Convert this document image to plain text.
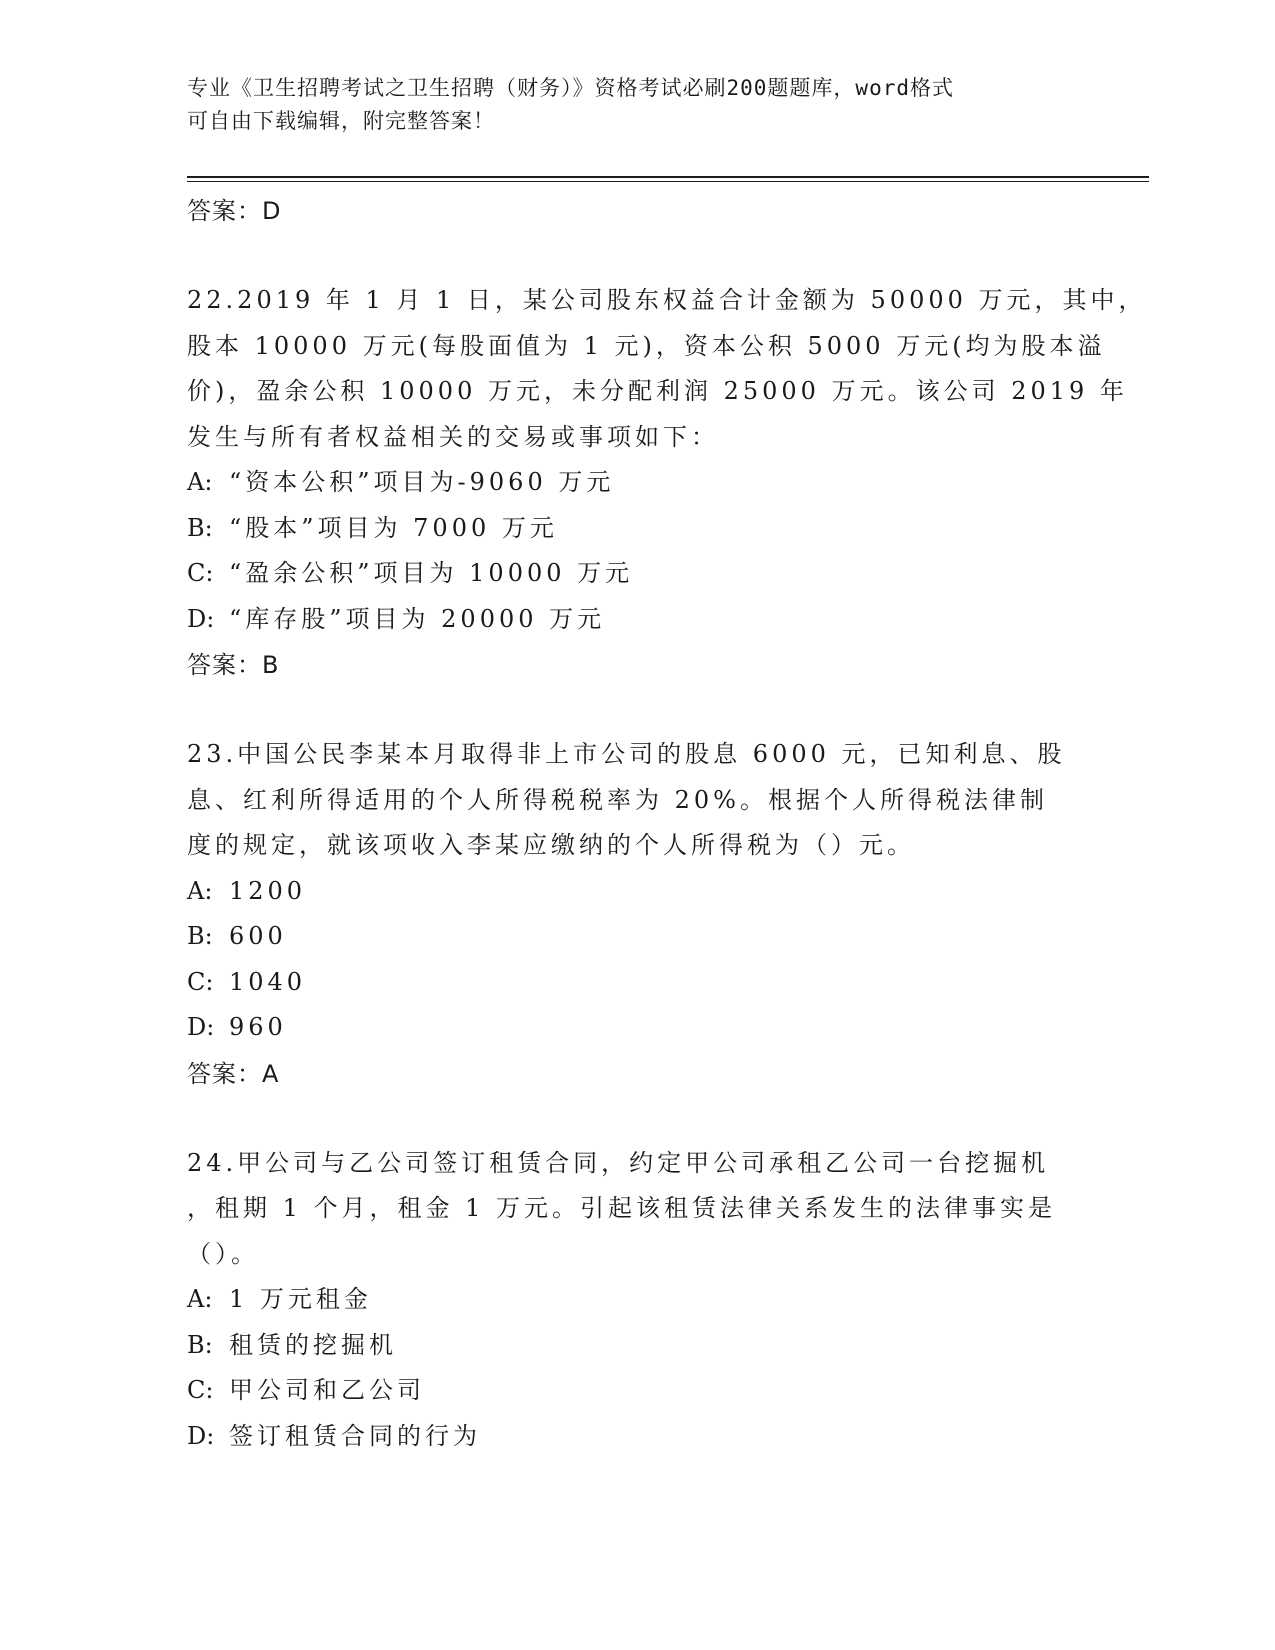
专业《卫生招聘考试之卫生招聘（财务）》资格考试必刷200题题库，word格式
可自由下载编辑，附完整答案！
答案：D
22.2019 年 1 月 1 日，某公司股东权益合计金额为 50000 万元，其中，
股本 10000 万元(每股面值为 1 元)，资本公积 5000 万元(均为股本溢
价)，盈余公积 10000 万元，未分配利润 25000 万元。该公司 2019 年
发生与所有者权益相关的交易或事项如下：
A: “资本公积”项目为-9060 万元
B: “股本”项目为 7000 万元
C: “盈余公积”项目为 10000 万元
D: “库存股”项目为 20000 万元
答案：B
23.中国公民李某本月取得非上市公司的股息 6000 元，已知利息、股
息、红利所得适用的个人所得税税率为 20%。根据个人所得税法律制
度的规定，就该项收入李某应缴纳的个人所得税为（）元。
A: 1200
B: 600
C: 1040
D: 960
答案：A
24.甲公司与乙公司签订租赁合同，约定甲公司承租乙公司一台挖掘机
，租期 1 个月，租金 1 万元。引起该租赁法律关系发生的法律事实是
（）。
A: 1 万元租金
B: 租赁的挖掘机
C: 甲公司和乙公司
D: 签订租赁合同的行为
